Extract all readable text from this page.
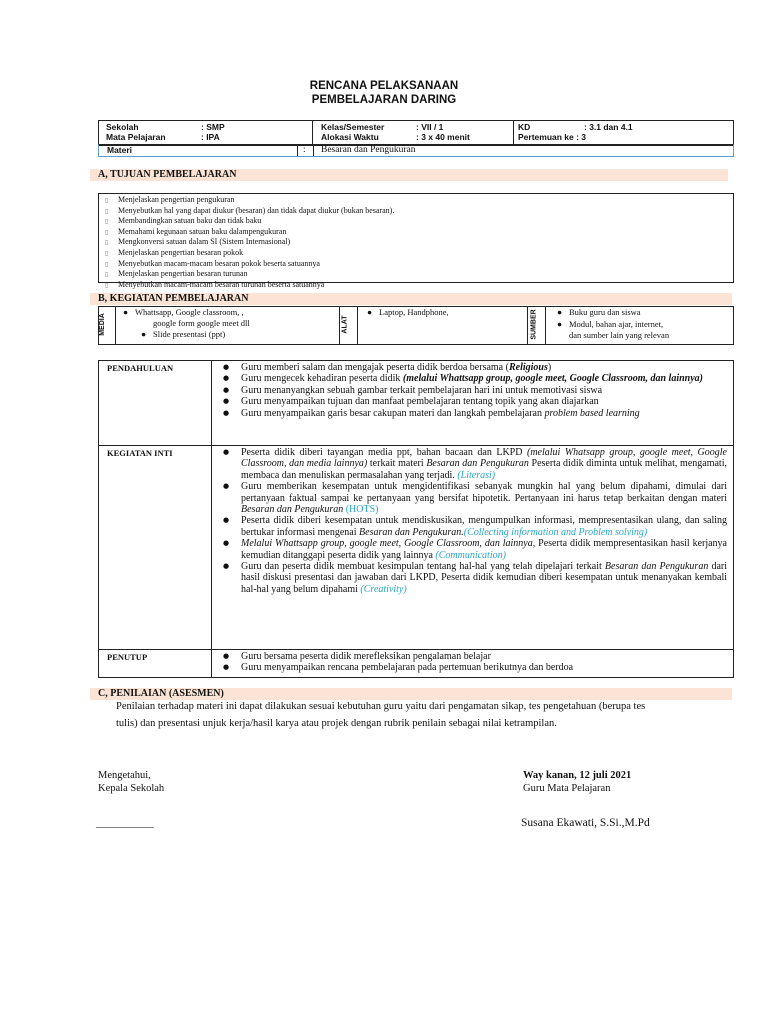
RENCANA PELAKSANAAN
PEMBELAJARAN DARING
Sekolah	: SMP
Mata Pelajaran	: IPA
Kelas/Semester	: VII / 1
Alokasi Waktu	: 3 x 40 menit
KD	: 3.1 dan 4.1
Pertemuan ke : 3
Materi	: Besaran dan Pengukuran
A, TUJUAN PEMBELAJARAN
▯ Menjelaskan pengertian pengukuran
▯ Menyebutkan hal yang dapat diukur (besaran) dan tidak dapat diukur (bukan besaran).
▯ Membandingkan satuan baku dan tidak baku
▯ Memahami kegunaan satuan baku dalampengukuran
▯ Mengkonversi satuan dalam SI (Sistem Internasional)
▯ Menjelaskan pengertian besaran pokok
▯ Menyebutkan macam-macam besaran pokok beserta satuannya
▯ Menjelaskan pengertian besaran turunan
▯ Menyebutkan macam-macam besaran turunan beserta satuannya
B, KEGIATAN PEMBELAJARAN
MEDIA
● Whattsapp, Google classroom, ,
google form google meet dll
● Slide presentasi (ppt)
ALAT
● Laptop, Handphone,	SUMBER ● Buku guru dan siswa
● Modul, bahan ajar, internet,
dan sumber lain yang relevan
PENDAHULUAN	● Guru memberi salam dan mengajak peserta didik berdoa bersama (Religious)
● Guru mengecek kehadiran peserta didik (melalui Whattsapp group, google meet, Google Classroom, dan lainnya)
● Guru menanyangkan sebuah gambar terkait pembelajaran hari ini untuk memotivasi siswa
● Guru menyampaikan tujuan dan manfaat pembelajaran tentang topik yang akan diajarkan
● Guru menyampaikan garis besar cakupan materi dan langkah pembelajaran problem based learning
KEGIATAN INTI	● Peserta didik diberi tayangan media ppt, bahan bacaan dan LKPD (melalui Whatsapp group, google meet, Google Classroom, dan media lainnya) terkait materi Besaran dan Pengukuran Peserta didik diminta untuk melihat, mengamati, membaca dan menuliskan permasalahan yang terjadi. (Literasi)
● Guru memberikan kesempatan untuk mengidentifikasi sebanyak mungkin hal yang belum dipahami, dimulai dari pertanyaan faktual sampai ke pertanyaan yang bersifat hipotetik. Pertanyaan ini harus tetap berkaitan dengan materi Besaran dan Pengukuran (HOTS)
● Peserta didik diberi kesempatan untuk mendiskusikan, mengumpulkan informasi, mempresentasikan ulang, dan saling bertukar informasi mengenai Besaran dan Pengukuran.(Collecting information and Problem solving)
● Melalui Whattsapp group, google meet, Google Classroom, dan lainnya, Peserta didik mempresentasikan hasil kerjanya kemudian ditanggapi peserta didik yang lainnya (Communication)
● Guru dan peserta didik membuat kesimpulan tentang hal-hal yang telah dipelajari terkait Besaran dan Pengukuran dari hasil diskusi presentasi dan jawaban dari LKPD, Peserta didik kemudian diberi kesempatan untuk menanyakan kembali hal-hal yang belum dipahami (Creativity)
PENUTUP	● Guru bersama peserta didik merefleksikan pengalaman belajar
● Guru menyampaikan rencana pembelajaran pada pertemuan berikutnya dan berdoa
C, PENILAIAN (ASESMEN)
Penilaian terhadap materi ini dapat dilakukan sesuai kebutuhan guru yaitu dari pengamatan sikap, tes pengetahuan (berupa tes tulis) dan presentasi unjuk kerja/hasil karya atau projek dengan rubrik penilain sebagai nilai ketrampilan.
Mengetahui,
Kepala Sekolah
___________
Way kanan, 12 juli 2021
Guru Mata Pelajaran
Susana Ekawati, S.Si.,M.Pd
